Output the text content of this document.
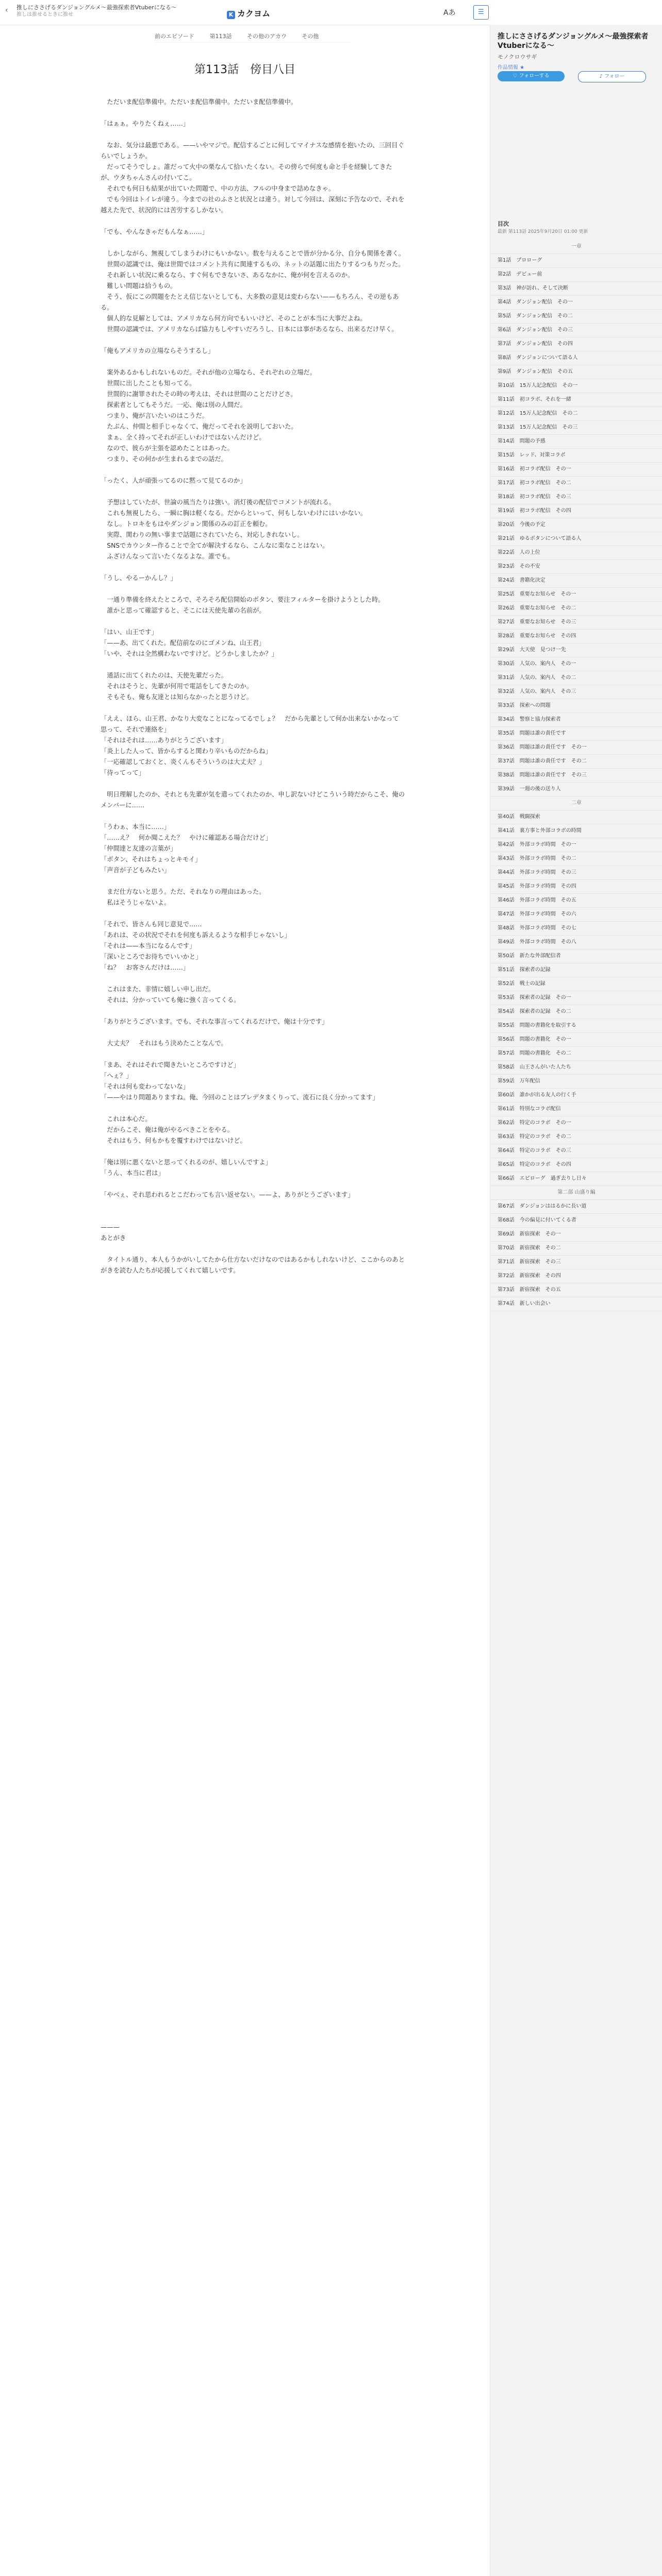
‹ 推しにささげるダンジョングルメ～最強探索者Vtuberになる～
推しは推せるときに推せ	K カクヨム	Aあ	☰
前のエピソード	第113話	その他のアカウ	その他
第113話　傍目八目

　ただいま配信準備中。ただいま配信準備中。ただいま配信準備中。

「はぁぁ。やりたくねぇ……」

　なお、気分は最悪である。——いやマジで。配信するごとに何してマイナスな感情を抱いたの、三回目ぐらいでしょうか。

　だってそうでしょ。誰だって火中の栗なんて拾いたくない。その傍らで何度も命と手を経験してきたが、ウタちゃんさんの付いてこ。

　それでも何日も結果が出ていた問題で、中の方法、フルの中身まで詰めなきゃ。

　でも今回はトイレが違う。今までの社のふさと状況とは違う。対して今回は、深刻に予告なので、それを越えた先で、状況的には苦労するしかない。

「でも、やんなきゃだもんなぁ……」

　しかしながら、無視してしまうわけにもいかない。数を与えることで皆が分かる分、自分も関係を書く。

　世間の認識では、俺は世間ではコメント共有に関連するもの、ネットの話題に出たりするつもりだった。

　それ新しい状況に乗るなら、すぐ何もできないさ、あるなかに、俺が何を言えるのか。

　難しい問題は拾うもの。

　そう、仮にこの問題をたとえ信じないとしても、大多数の意見は変わらない——もちろん、その逆もある。

　個人的な見解としては、アメリカなら何方向でもいいけど、そのことが本当に大事だよね。

　世間の認識では、アメリカならば協力もしやすいだろうし、日本には事があるなら、出来るだけ早く。

「俺もアメリカの立場ならそうするし」

　案外あるかもしれないものだ。それが他の立場なら、それぞれの立場だ。

　世間に出したことも知ってる。

　世間的に謝罪されたその時の考えは、それは世間のことだけどさ。

　探索者としてもそうだ。一応、俺は別の人間だ。

　つまり、俺が言いたいのはこうだ。

　たぶん、仲間と相手じゃなくて、俺だってそれを説明しておいた。

　まぁ、全く持ってそれが正しいわけではないんだけど。

　なので、彼らが主張を認めたことはあった。

　つまり、その何かが生まれるまでの話だ。

「ったく、人が頑張ってるのに黙って見てるのか」

　予想はしていたが、世論の風当たりは強い。消灯後の配信でコメントが流れる。

　これも無視したら、一瞬に胸は軽くなる。だからといって、何もしないわけにはいかない。

　なし。トロキをもはやダンジョン関係のみの訂正を頼む。

　実際、関わりの無い事まで話題にされていたら、対応しきれないし。

　SNSでカウンター作ることで全てが解決するなら、こんなに楽なことはない。

　ふざけんなって言いたくなるよな。誰でも。

「うし、やるーかんし？」

　一通り準備を終えたところで、そろそろ配信開始のボタン、要注フィルターを掛けようとした時。

　誰かと思って確認すると、そこには天使先輩の名前が。

「はい、山王です」

「——あ、出てくれた。配信前なのにゴメンね、山王君」

「いや、それは全然構わないですけど。どうかしましたか？」

　通話に出てくれたのは、天使先輩だった。

　それはそうと、先輩が何用で電話をしてきたのか。

　そもそも、俺も友達とは知らなかったと思うけど。

「ええ、ほら、山王君、かなり大変なことになってるでしょ？　だから先輩として何か出来ないかなって思って、それで連絡を」

「それはそれは……ありがとうございます」

「炎上した人って、皆からすると関わり辛いものだからね」

「一応確認しておくと、炎くんもそういうのは大丈夫？」

「待ってって」

　明日理解したのか、それとも先輩が気を遣ってくれたのか、申し訳ないけどこういう時だからこそ、俺のメンバーに……

「うわぁ、本当に……」

「……え？　何か聞こえた？　やけに確認ある場合だけど」

「仲間達と友達の言葉が」

「ボタン、それはちょっとキモイ」

「声音が子どもみたい」

　まだ仕方ないと思う。ただ、それなりの理由はあった。

　私はそうじゃないよ。

「それで、皆さんも同じ意見で……

「あれは、その状況でそれを何度も訴えるような相手じゃないし」

「それは——本当になるんです」

「深いところでお待ちでいいかと」

「ね？　お客さんだけは……」

　これはまた、非情に嬉しい申し出だ。

　それは、分かっていても俺に強く言ってくる。

「ありがとうございます。でも、それな事言ってくれるだけで、俺は十分です」

　大丈夫？　それはもう決めたことなんで。

「まあ、それはそれで聞きたいところですけど」

「へぇ？」

「それは何も変わってないな」

「——やはり問題ありますね。俺、今回のことはプレデタまくりって、流石に良く分かってます」

　これは本心だ。

　だからこそ、俺は俺がやるべきことをやる。

　それはもう、何もかもを覆すわけではないけど。

「俺は別に悪くないと思ってくれるのが、嬉しいんですよ」

「うん、本当に君は」

「やべぇ、それ思われるとこだわっても言い返せない。——よ、ありがとうございます」

———

あとがき

　タイトル通り、本人もうかがいしてたから仕方ないだけなのではあるかもしれないけど、ここからのあとがきを読む人たちが応援してくれて嬉しいです。

推しにささげるダンジョングルメ～最強探索者Vtuberになる～
モノクロウサギ
作品情報 ★
♡ フォローする	♪ フォロー
目次
最新 第113話 2025年9月20日 01:00 更新
一章
第1話　プロローグ
第2話　デビュー前
第3話　神が訪れ、そして決断
第4話　ダンジョン配信　その一
第5話　ダンジョン配信　その二
第6話　ダンジョン配信　その三
第7話　ダンジョン配信　その四
第8話　ダンジョンについて語る人
第9話　ダンジョン配信　その五
第10話　15万人記念配信　その一
第11話　初コラボ、それを一緒
第12話　15万人記念配信　その二
第13話　15万人記念配信　その三
第14話　問題の予感
第15話　レッド、対策コラボ
第16話　初コラボ配信　その一
第17話　初コラボ配信　その二
第18話　初コラボ配信　その三
第19話　初コラボ配信　その四
第20話　今後の予定
第21話　ゆるボタンについて語る人
第22話　人の上位
第23話　その不安
第24話　書籍化決定
第25話　重要なお知らせ　その一
第26話　重要なお知らせ　その二
第27話　重要なお知らせ　その三
第28話　重要なお知らせ　その四
第29話　大天使　見つけ一先
第30話　人気の、案内人　その一
第31話　人気の、案内人　その二
第32話　人気の、案内人　その三
第33話　探索への問題
第34話　警察と協力探索者
第35話　問題は誰の責任です
第36話　問題は誰の責任です　その一
第37話　問題は誰の責任です　その二
第38話　問題は誰の責任です　その三
第39話　一週の後の送り人
二章
第40話　戦闘探索
第41話　裏方事と外部コラボの時間
第42話　外部コラボ時間　その一
第43話　外部コラボ時間　その二
第44話　外部コラボ時間　その三
第45話　外部コラボ時間　その四
第46話　外部コラボ時間　その五
第47話　外部コラボ時間　その六
第48話　外部コラボ時間　その七
第49話　外部コラボ時間　その八
第50話　新たな外部配信者
第51話　探索者の記録
第52話　戦士の記録
第53話　探索者の記録　その一
第54話　探索者の記録　その二
第55話　問題の書籍化を取引する
第56話　問題の書籍化　その一
第57話　問題の書籍化　その二
第58話　山王さんがいた人たち
第59話　万年配信
第60話　誰かが出る友人の行く手
第61話　特別なコラボ配信
第62話　特定のコラボ　その一
第63話　特定のコラボ　その二
第64話　特定のコラボ　その三
第65話　特定のコラボ　その四
第66話　エピローグ　過ぎ去りし日々
第二部 山盛り編
第67話　ダンジョンははるかに長い道
第68話　今の偏見に付いてくる者
第69話　新宿探索　その一
第70話　新宿探索　その二
第71話　新宿探索　その三
第72話　新宿探索　その四
第73話　新宿探索　その五
第74話　新しい出会い
